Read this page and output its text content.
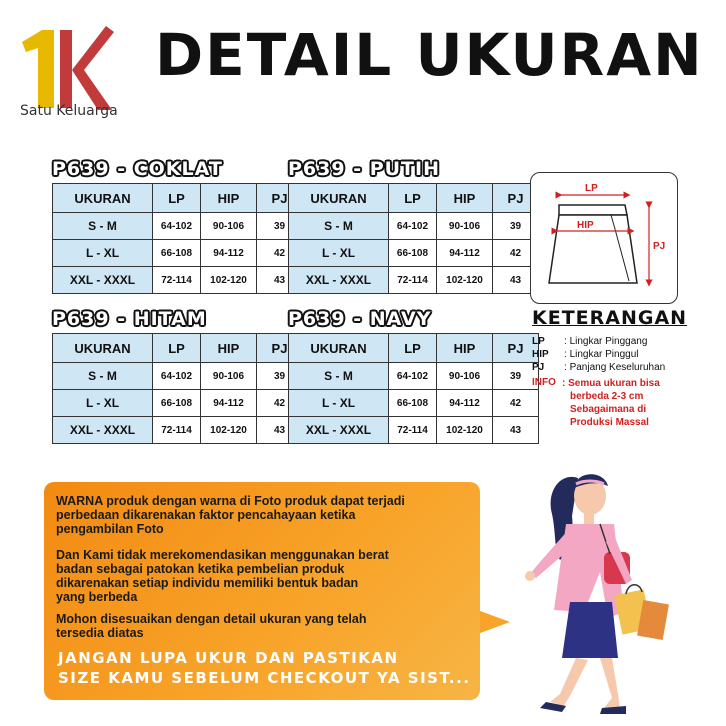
Satu Keluarga
DETAIL UKURAN
P639 - COKLAT
UKURAN	LP	HIP	PJ
S - M	64-102	90-106	39
L - XL	66-108	94-112	42
XXL - XXXL	72-114	102-120	43
P639 - PUTIH
UKURAN	LP	HIP	PJ
S - M	64-102	90-106	39
L - XL	66-108	94-112	42
XXL - XXXL	72-114	102-120	43
P639 - HITAM
UKURAN	LP	HIP	PJ
S - M	64-102	90-106	39
L - XL	66-108	94-112	42
XXL - XXXL	72-114	102-120	43
P639 - NAVY
UKURAN	LP	HIP	PJ
S - M	64-102	90-106	39
L - XL	66-108	94-112	42
XXL - XXXL	72-114	102-120	43
LP
HIP
PJ
KETERANGAN
LP : Lingkar Pinggang
HIP : Lingkar Pinggul
PJ : Panjang Keseluruhan
INFO : Semua ukuran bisa
berbeda 2-3 cm
Sebagaimana di
Produksi Massal
WARNA produk dengan warna di Foto produk dapat terjadi
perbedaan dikarenakan faktor pencahayaan ketika
pengambilan Foto
Dan Kami tidak merekomendasikan menggunakan berat
badan sebagai patokan ketika pembelian produk
dikarenakan setiap individu memiliki bentuk badan
yang berbeda
Mohon disesuaikan dengan detail ukuran yang telah
tersedia diatas
JANGAN LUPA UKUR DAN PASTIKAN
SIZE KAMU SEBELUM CHECKOUT YA SIST...
